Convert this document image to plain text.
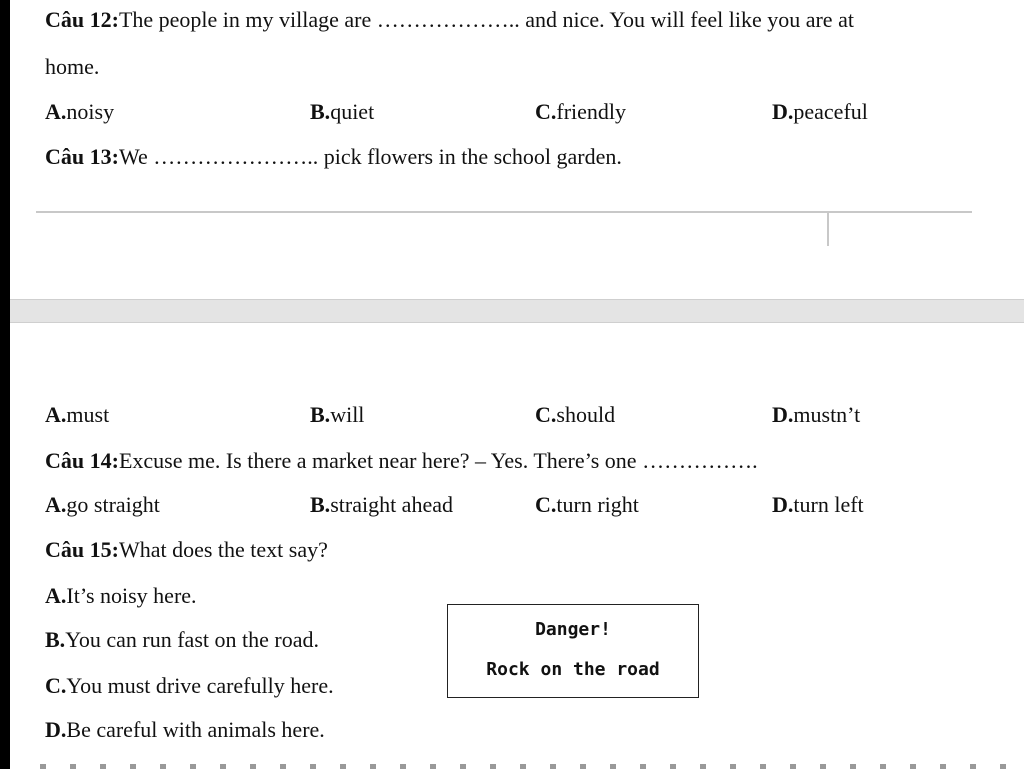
Câu 12:The people in my village are ……………….. and nice. You will feel like you are at
home.
A.noisy	B.quiet	C.friendly	D.peaceful
Câu 13:We ………………….. pick flowers in the school garden.
A.must	B.will	C.should	D.mustn’t
Câu 14:Excuse me. Is there a market near here? – Yes. There’s one …………….
A.go straight	B.straight ahead	C.turn right	D.turn left
Câu 15:What does the text say?
A.It’s noisy here.
B.You can run fast on the road.
C.You must drive carefully here.
D.Be careful with animals here.
Danger!
Rock on the road
